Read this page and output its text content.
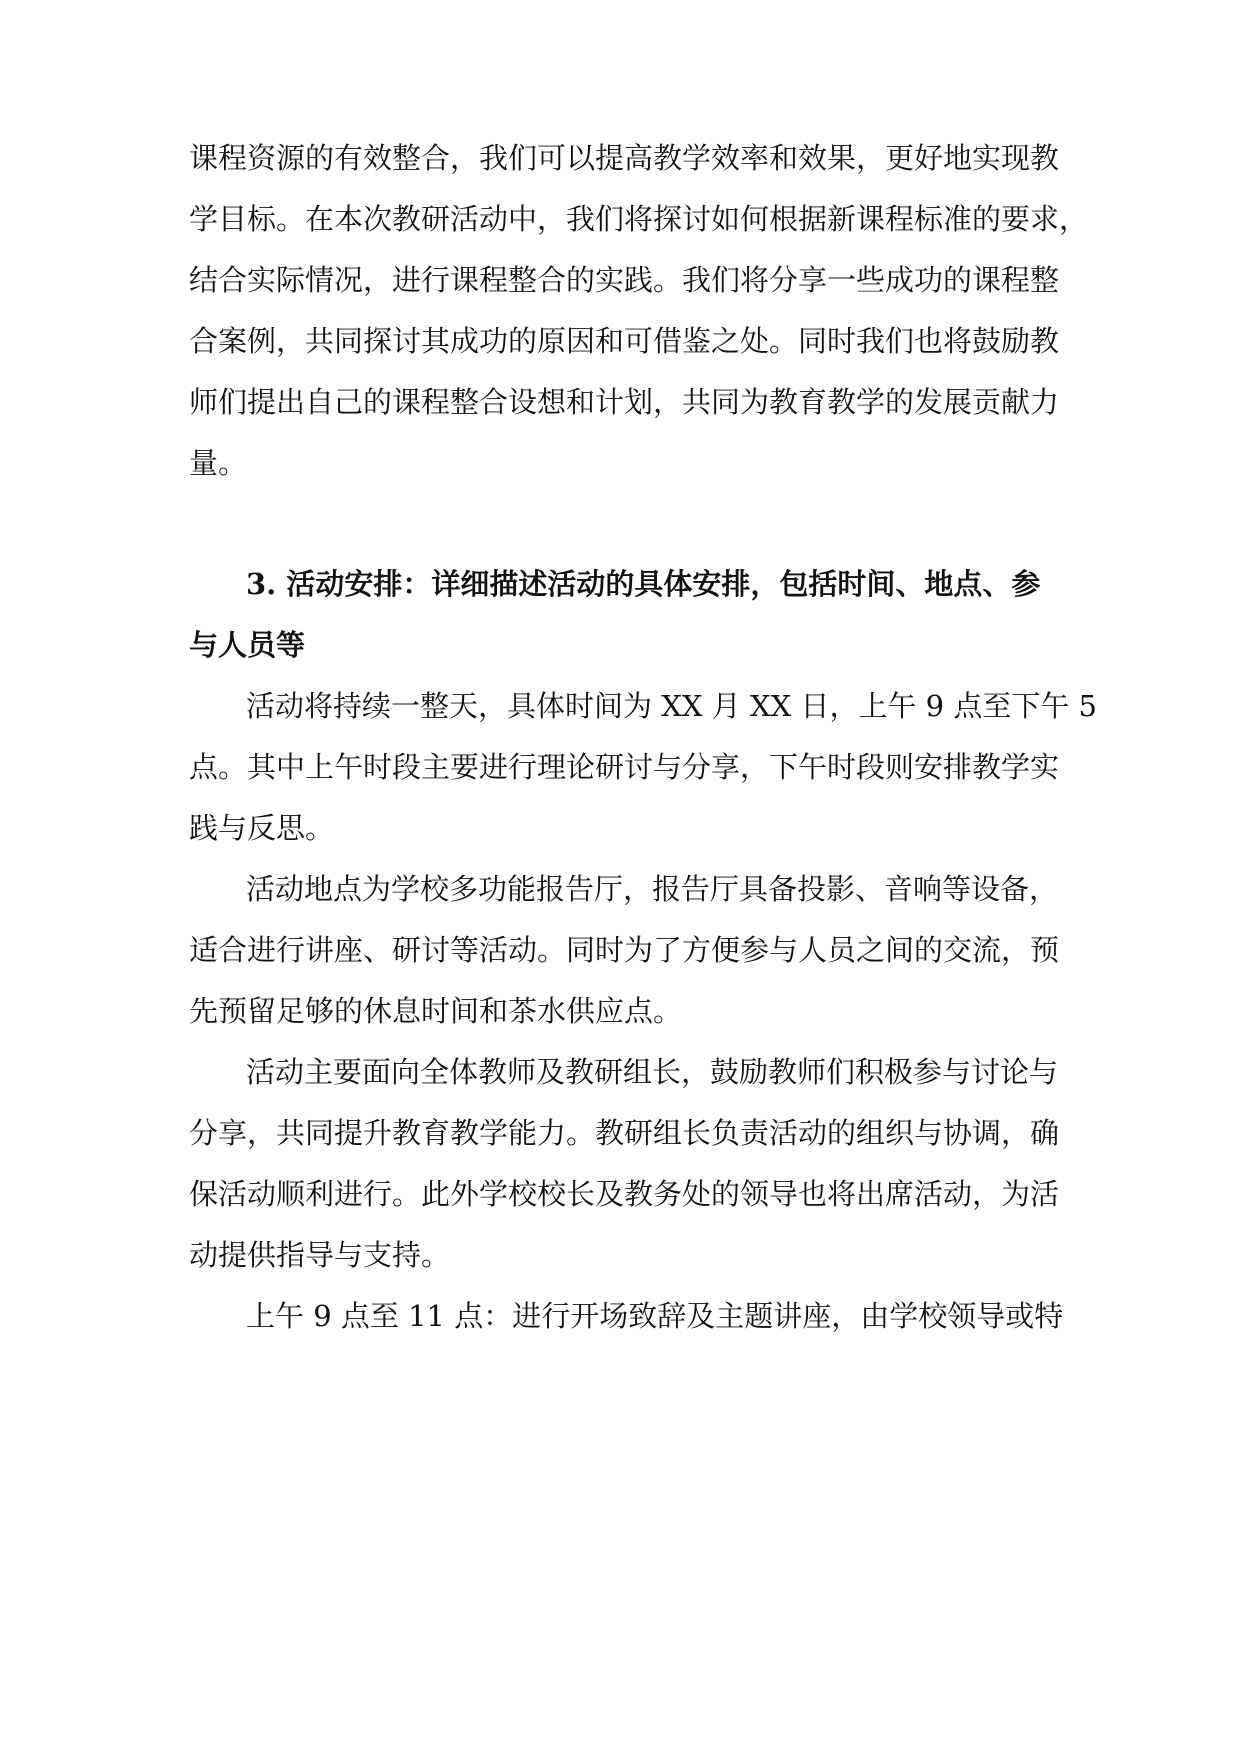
课程资源的有效整合，我们可以提高教学效率和效果，更好地实现教

学目标。在本次教研活动中，我们将探讨如何根据新课程标准的要求，

结合实际情况，进行课程整合的实践。我们将分享一些成功的课程整

合案例，共同探讨其成功的原因和可借鉴之处。同时我们也将鼓励教

师们提出自己的课程整合设想和计划，共同为教育教学的发展贡献力

量。

3. 活动安排：详细描述活动的具体安排，包括时间、地点、参

与人员等

活动将持续一整天，具体时间为 XX 月 XX 日，上午 9 点至下午 5

点。其中上午时段主要进行理论研讨与分享，下午时段则安排教学实

践与反思。

活动地点为学校多功能报告厅，报告厅具备投影、音响等设备，

适合进行讲座、研讨等活动。同时为了方便参与人员之间的交流，预

先预留足够的休息时间和茶水供应点。

活动主要面向全体教师及教研组长，鼓励教师们积极参与讨论与

分享，共同提升教育教学能力。教研组长负责活动的组织与协调，确

保活动顺利进行。此外学校校长及教务处的领导也将出席活动，为活

动提供指导与支持。

上午 9 点至 11 点：进行开场致辞及主题讲座，由学校领导或特
